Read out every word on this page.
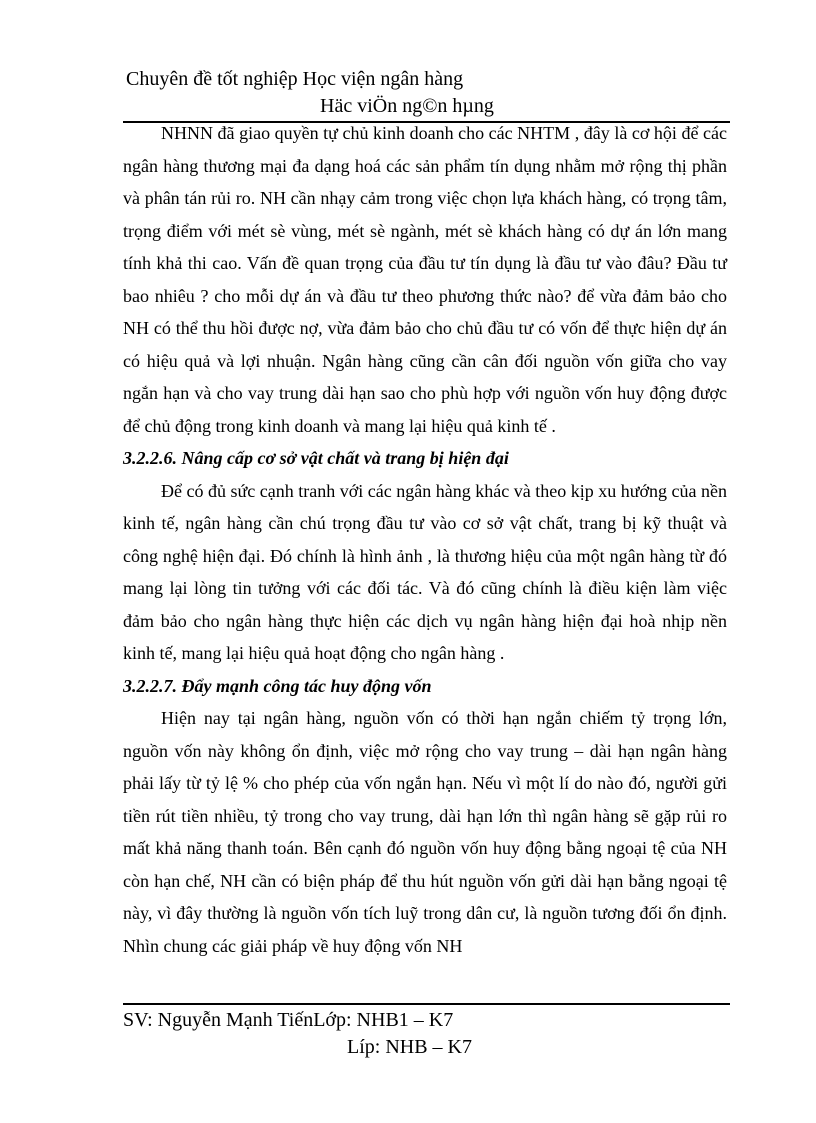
Chuyên đề tốt nghiệp Học viện ngân hàng
Häc viÖn ng©n hµng

NHNN đã giao quyền tự chủ kinh doanh cho các NHTM , đây là cơ hội để các ngân hàng thương mại đa dạng hoá các sản phẩm tín dụng nhằm mở rộng thị phần và phân tán rủi ro. NH cần nhạy cảm trong việc chọn lựa khách hàng, có trọng tâm, trọng điểm với mét sè vùng, mét sè ngành, mét sè khách hàng có dự án lớn mang tính khả thi cao. Vấn đề quan trọng của đầu tư tín dụng là đầu tư vào đâu? Đầu tư bao nhiêu ? cho mỗi dự án và đầu tư theo phương thức nào? để vừa đảm bảo cho NH có thể thu hồi được nợ, vừa đảm bảo cho chủ đầu tư có vốn để thực hiện dự án có hiệu quả và lợi nhuận. Ngân hàng cũng cần cân đối nguồn vốn giữa cho vay ngắn hạn và cho vay trung dài hạn sao cho phù hợp với nguồn vốn huy động được để chủ động trong kinh doanh và mang lại hiệu quả kinh tế .

3.2.2.6. Nâng cấp cơ sở vật chất và trang bị hiện đại

Để có đủ sức cạnh tranh với các ngân hàng khác và theo kịp xu hướng của nền kinh tế, ngân hàng cần chú trọng đầu tư vào cơ sở vật chất, trang bị kỹ thuật và công nghệ hiện đại. Đó chính là hình ảnh , là thương hiệu của một ngân hàng từ đó mang lại lòng tin tưởng với các đối tác. Và đó cũng chính là điều kiện làm việc đảm bảo cho ngân hàng thực hiện các dịch vụ ngân hàng hiện đại hoà nhịp nền kinh tế, mang lại hiệu quả hoạt động cho ngân hàng .

3.2.2.7. Đẩy mạnh công tác huy động vốn

Hiện nay tại ngân hàng, nguồn vốn có thời hạn ngắn chiếm tỷ trọng lớn, nguồn vốn này không ổn định, việc mở rộng cho vay trung – dài hạn ngân hàng phải lấy từ tỷ lệ % cho phép của vốn ngắn hạn. Nếu vì một lí do nào đó, người gửi tiền rút tiền nhiều, tỷ trong cho vay trung, dài hạn lớn thì ngân hàng sẽ gặp rủi ro mất khả năng thanh toán. Bên cạnh đó nguồn vốn huy động bằng ngoại tệ của NH còn hạn chế, NH cần có biện pháp để thu hút nguồn vốn gửi dài hạn bằng ngoại tệ này, vì đây thường là nguồn vốn tích luỹ trong dân cư, là nguồn tương đối ổn định. Nhìn chung các giải pháp về huy động vốn NH

SV: Nguyễn Mạnh TiếnLớp: NHB1 – K7
Líp: NHB – K7
